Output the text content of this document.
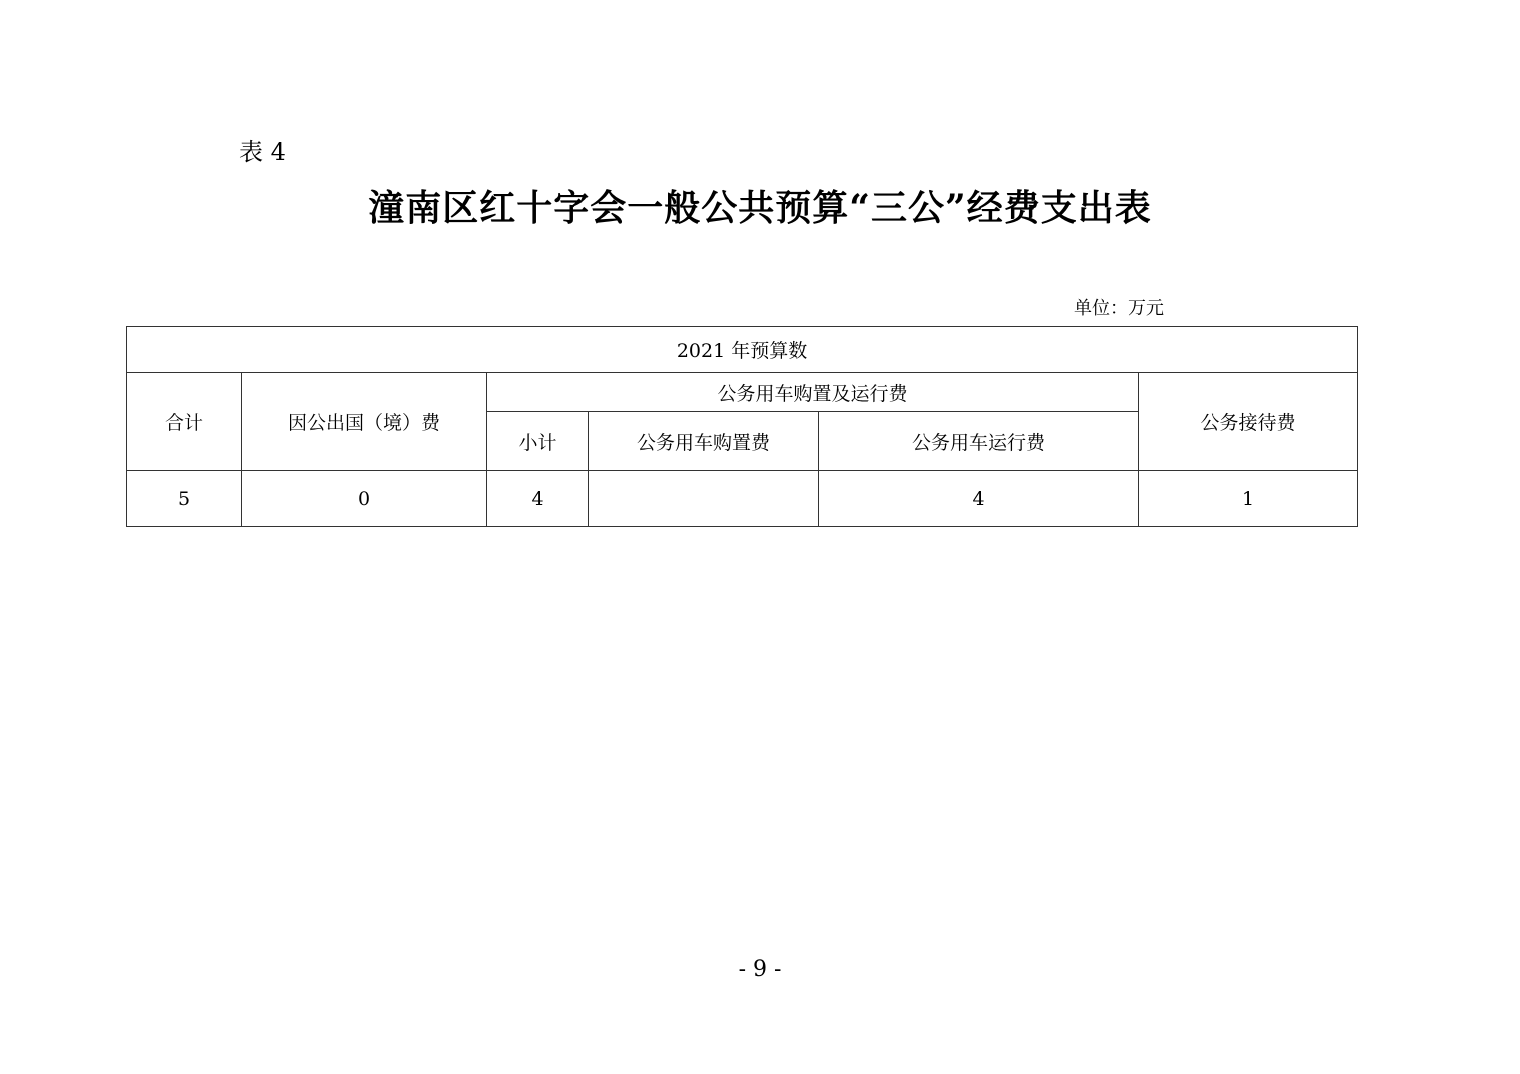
表 4
潼南区红十字会一般公共预算“三公”经费支出表
单位：万元
2021 年预算数					
合计	因公出国（境）费	公务用车购置及运行费			公务接待费
		小计	公务用车购置费	公务用车运行费	
5	0	4		4	1
- 9 -
